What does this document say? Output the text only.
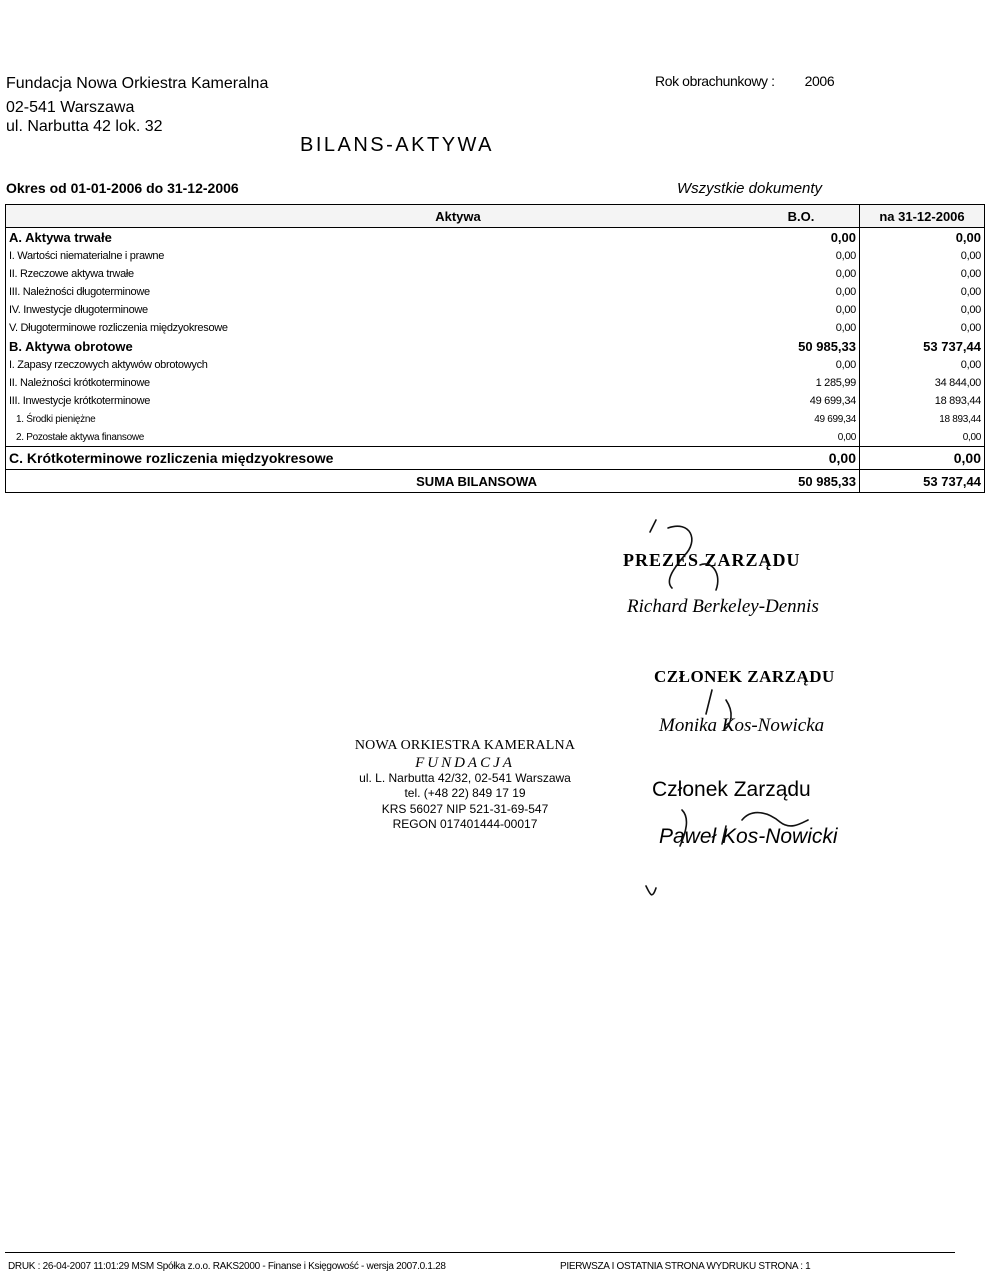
Fundacja Nowa Orkiestra Kameralna
02-541 Warszawa
ul. Narbutta 42 lok. 32
Rok obrachunkowy : 2006
BILANS-AKTYWA
Okres od 01-01-2006 do 31-12-2006	Wszystkie dokumenty
Aktywa	B.O.	na 31-12-2006
A. Aktywa trwałe	0,00	0,00
I. Wartości niematerialne i prawne	0,00	0,00
II. Rzeczowe aktywa trwałe	0,00	0,00
III. Należności długoterminowe	0,00	0,00
IV. Inwestycje długoterminowe	0,00	0,00
V. Długoterminowe rozliczenia międzyokresowe	0,00	0,00
B. Aktywa obrotowe	50 985,33	53 737,44
I. Zapasy rzeczowych aktywów obrotowych	0,00	0,00
II. Należności krótkoterminowe	1 285,99	34 844,00
III. Inwestycje krótkoterminowe	49 699,34	18 893,44
1. Środki pieniężne	49 699,34	18 893,44
2. Pozostałe aktywa finansowe	0,00	0,00
C. Krótkoterminowe rozliczenia międzyokresowe	0,00	0,00
SUMA BILANSOWA	50 985,33	53 737,44
PREZES ZARZĄDU
Richard Berkeley-Dennis
CZŁONEK ZARZĄDU
Monika Kos-Nowicka
Członek Zarządu
Paweł Kos-Nowicki
NOWA ORKIESTRA KAMERALNA
FUNDACJA
ul. L. Narbutta 42/32, 02-541 Warszawa
tel. (+48 22) 849 17 19
KRS 56027 NIP 521-31-69-547
REGON 017401444-00017
DRUK : 26-04-2007 11:01:29 MSM Spółka z.o.o. RAKS2000 - Finanse i Księgowość - wersja 2007.0.1.28	PIERWSZA I OSTATNIA STRONA WYDRUKU STRONA : 1
